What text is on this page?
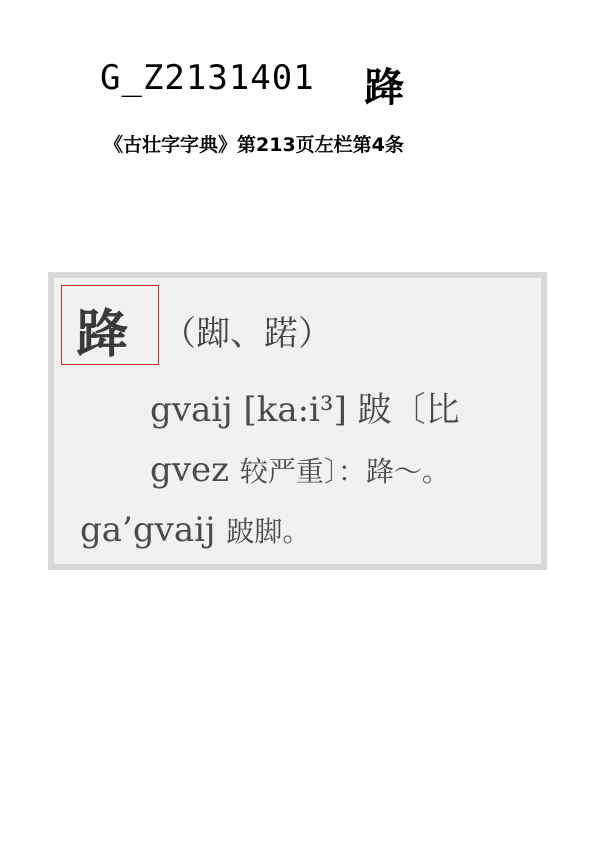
G_Z2131401 跭
《古壮字字典》第213页左栏第4条
跭 （踋、蹃）
gvaij [ka:i³] 跛〔比
gvez 较严重〕：跭～。
ga’gvaij 跛脚。
